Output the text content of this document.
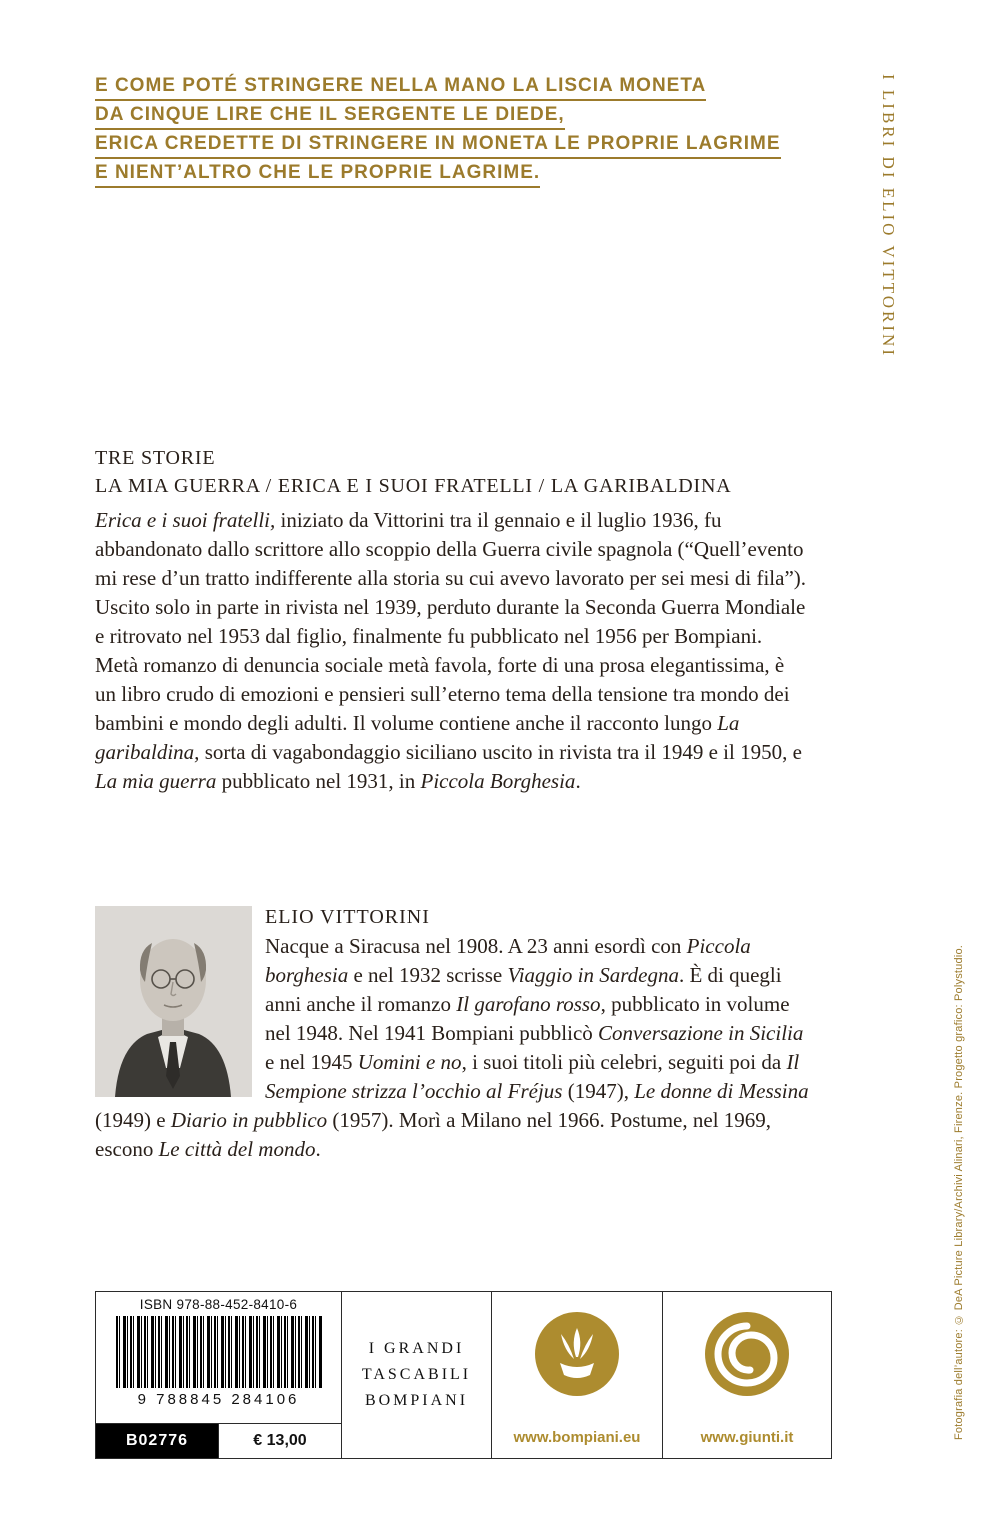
E COME POTÉ STRINGERE NELLA MANO LA LISCIA MONETA
DA CINQUE LIRE CHE IL SERGENTE LE DIEDE,
ERICA CREDETTE DI STRINGERE IN MONETA LE PROPRIE LAGRIME
E NIENT’ALTRO CHE LE PROPRIE LAGRIME.	I LIBRI DI ELIO VITTORINI
Fotografia dell’autore: © DeA Picture Library/Archivi Alinari, Firenze. Progetto grafico: Polystudio.
TRE STORIE
LA MIA GUERRA / ERICA E I SUOI FRATELLI / LA GARIBALDINA
Erica e i suoi fratelli, iniziato da Vittorini tra il gennaio e il luglio 1936, fu abbandonato dallo scrittore allo scoppio della Guerra civile spagnola (“Quell’evento mi rese d’un tratto indifferente alla storia su cui avevo lavorato per sei mesi di fila”). Uscito solo in parte in rivista nel 1939, perduto durante la Seconda Guerra Mondiale e ritrovato nel 1953 dal figlio, finalmente fu pubblicato nel 1956 per Bompiani. Metà romanzo di denuncia sociale metà favola, forte di una prosa elegantissima, è un libro crudo di emozioni e pensieri sull’eterno tema della tensione tra mondo dei bambini e mondo degli adulti. Il volume contiene anche il racconto lungo La garibaldina, sorta di vagabondaggio siciliano uscito in rivista tra il 1949 e il 1950, e La mia guerra pubblicato nel 1931, in Piccola Borghesia.
ELIO VITTORINI
Nacque a Siracusa nel 1908. A 23 anni esordì con Piccola borghesia e nel 1932 scrisse Viaggio in Sardegna. È di quegli anni anche il romanzo Il garofano rosso, pubblicato in volume nel 1948. Nel 1941 Bompiani pubblicò Conversazione in Sicilia e nel 1945 Uomini e no, i suoi titoli più celebri, seguiti poi da Il Sempione strizza l’occhio al Fréjus (1947), Le donne di Messina (1949) e Diario in pubblico (1957). Morì a Milano nel 1966. Postume, nel 1969, escono Le città del mondo.
ISBN 978-88-452-8410-6
9 788845 284106
B02776	€ 13,00
I GRANDI
TASCABILI
BOMPIANI
www.bompiani.eu	www.giunti.it
